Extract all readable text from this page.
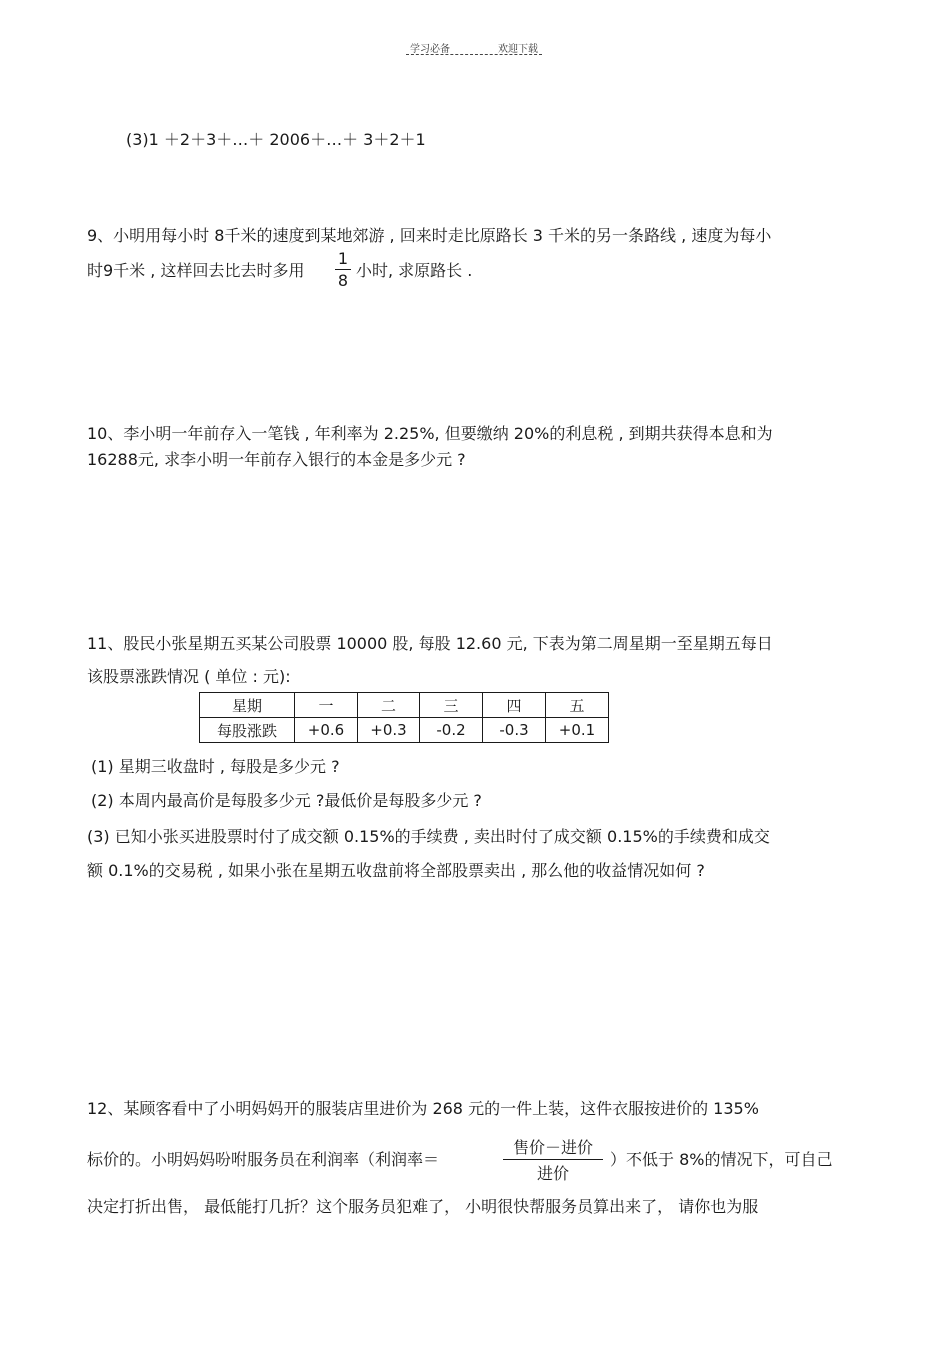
学习必备	欢迎下载
(3)1 ＋2＋3＋…＋ 2006＋…＋ 3＋2＋1
9、小明用每小时 8千米的速度到某地郊游 , 回来时走比原路长 3 千米的另一条路线 , 速度为每小
时9千米 , 这样回去比去时多用
1
8
小时, 求原路长 .
10、李小明一年前存入一笔钱 , 年利率为 2.25%, 但要缴纳 20%的利息税 , 到期共获得本息和为
16288元, 求李小明一年前存入银行的本金是多少元 ?
11、股民小张星期五买某公司股票 10000 股, 每股 12.60 元, 下表为第二周星期一至星期五每日
该股票涨跌情况 ( 单位 : 元):
星期	一	二	三	四	五
每股涨跌	+0.6	+0.3	-0.2	-0.3	+0.1
(1) 星期三收盘时 , 每股是多少元 ?
(2) 本周内最高价是每股多少元 ?最低价是每股多少元 ?
(3) 已知小张买进股票时付了成交额 0.15%的手续费 , 卖出时付了成交额 0.15%的手续费和成交
额 0.1%的交易税 , 如果小张在星期五收盘前将全部股票卖出 , 那么他的收益情况如何 ?
12、某顾客看中了小明妈妈开的服装店里进价为 268 元的一件上装，这件衣服按进价的 135%
标价的。小明妈妈吩咐服务员在利润率（利润率＝
售价－进价
进价
）不低于 8%的情况下，可自己
决定打折出售， 最低能打几折？这个服务员犯难了， 小明很快帮服务员算出来了， 请你也为服
